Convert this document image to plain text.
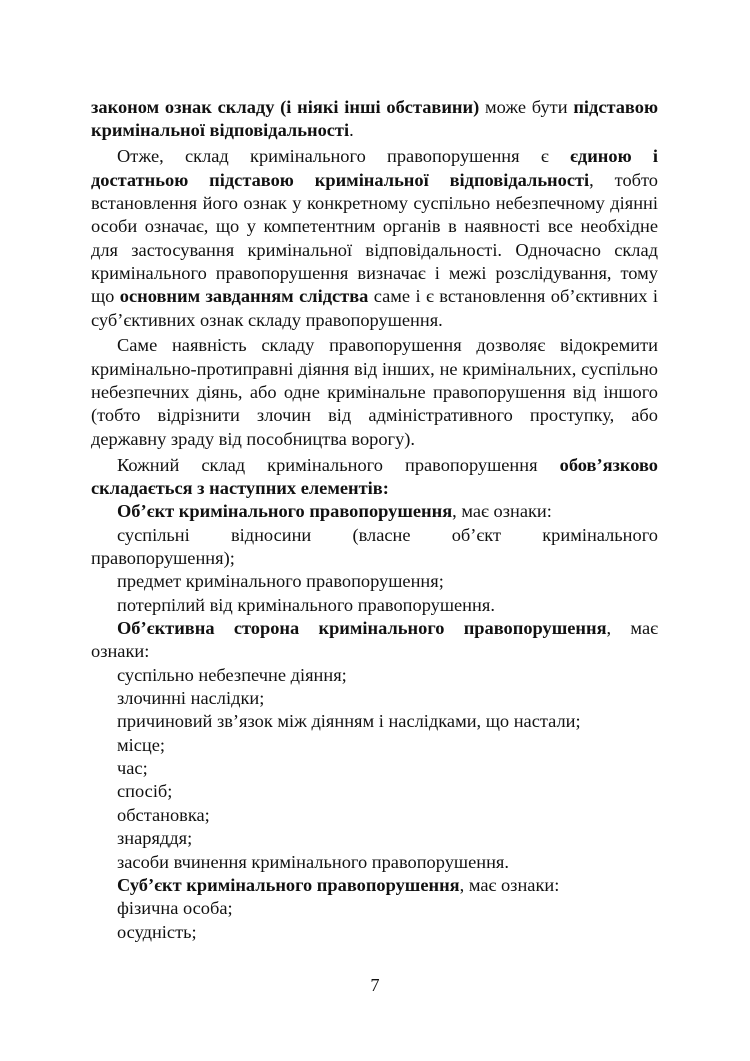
законом ознак складу (і ніякі інші обставини) може бути підставою кримінальної відповідальності.

Отже, склад кримінального правопорушення є єдиною і достатньою підставою кримінальної відповідальності, тобто встановлення його ознак у конкретному суспільно небезпечному діянні особи означає, що у компетентним органів в наявності все необхідне для застосування кримінальної відповідальності. Одночасно склад кримінального правопорушення визначає і межі розслідування, тому що основним завданням слідства саме і є встановлення об’єктивних і суб’єктивних ознак складу правопорушення.

Саме наявність складу правопорушення дозволяє відокремити кримінально-протиправні діяння від інших, не кримінальних, суспільно небезпечних діянь, або одне кримінальне правопорушення від іншого (тобто відрізнити злочин від адміністративного проступку, або державну зраду від пособництва ворогу).

Кожний склад кримінального правопорушення обов’язково складається з наступних елементів:

Об’єкт кримінального правопорушення, має ознаки:

суспільні відносини (власне об’єкт кримінального

правопорушення);

предмет кримінального правопорушення;

потерпілий від кримінального правопорушення.

Об’єктивна сторона кримінального правопорушення, має ознаки:

суспільно небезпечне діяння;

злочинні наслідки;

причиновий зв’язок між діянням і наслідками, що настали;

місце;

час;

спосіб;

обстановка;

знаряддя;

засоби вчинення кримінального правопорушення.

Суб’єкт кримінального правопорушення, має ознаки:

фізична особа;

осудність;

7
